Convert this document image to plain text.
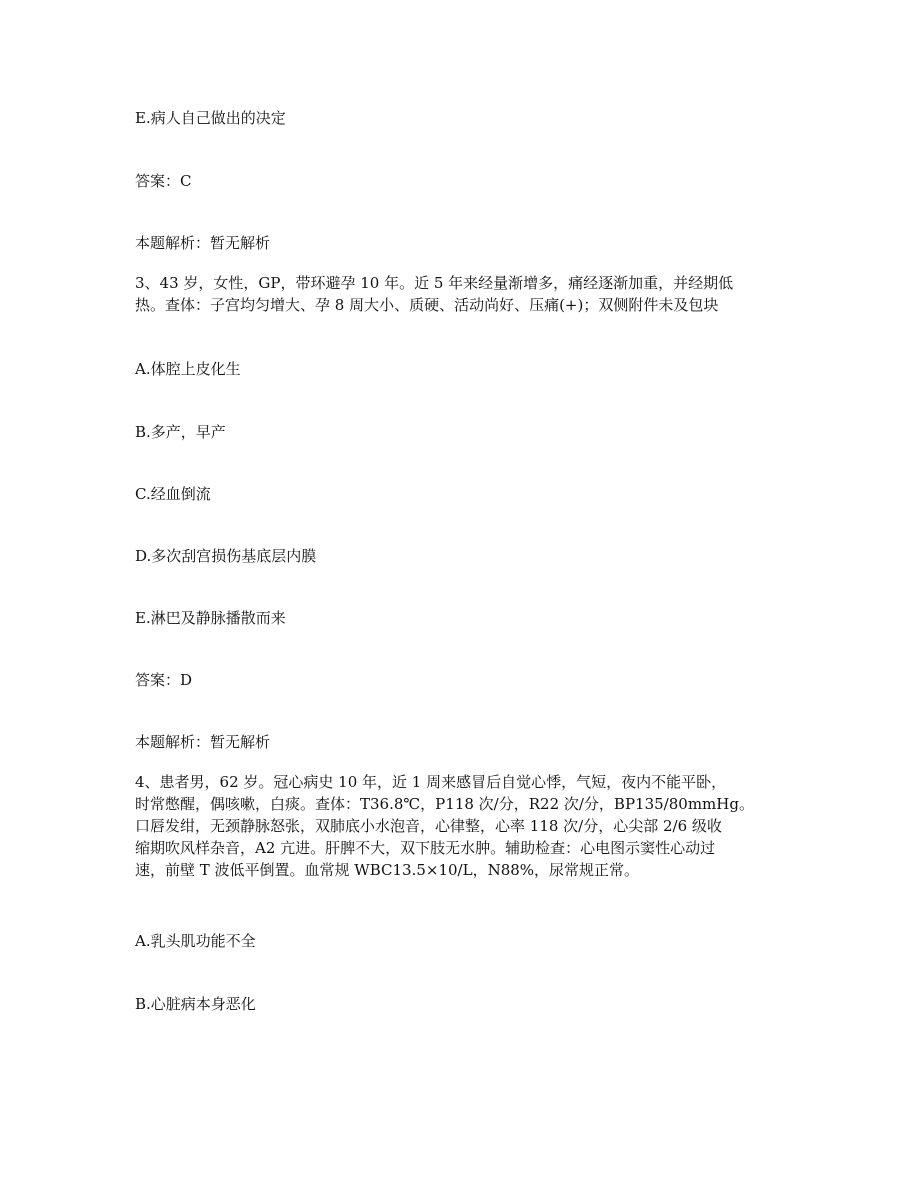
E.病人自己做出的决定
答案：C
本题解析：暂无解析
3、43 岁，女性，GP，带环避孕 10 年。近 5 年来经量渐增多，痛经逐渐加重，并经期低
热。查体：子宫均匀增大、孕 8 周大小、质硬、活动尚好、压痛(+)；双侧附件未及包块
A.体腔上皮化生
B.多产，早产
C.经血倒流
D.多次刮宫损伤基底层内膜
E.淋巴及静脉播散而来
答案：D
本题解析：暂无解析
4、患者男，62 岁。冠心病史 10 年，近 1 周来感冒后自觉心悸，气短，夜内不能平卧，
时常憋醒，偶咳嗽，白痰。查体：T36.8℃，P118 次/分，R22 次/分，BP135/80mmHg。
口唇发绀，无颈静脉怒张，双肺底小水泡音，心律整，心率 118 次/分，心尖部 2/6 级收
缩期吹风样杂音，A2 亢进。肝脾不大，双下肢无水肿。辅助检查：心电图示窦性心动过
速，前壁 T 波低平倒置。血常规 WBC13.5×10/L，N88%，尿常规正常。
A.乳头肌功能不全
B.心脏病本身恶化
